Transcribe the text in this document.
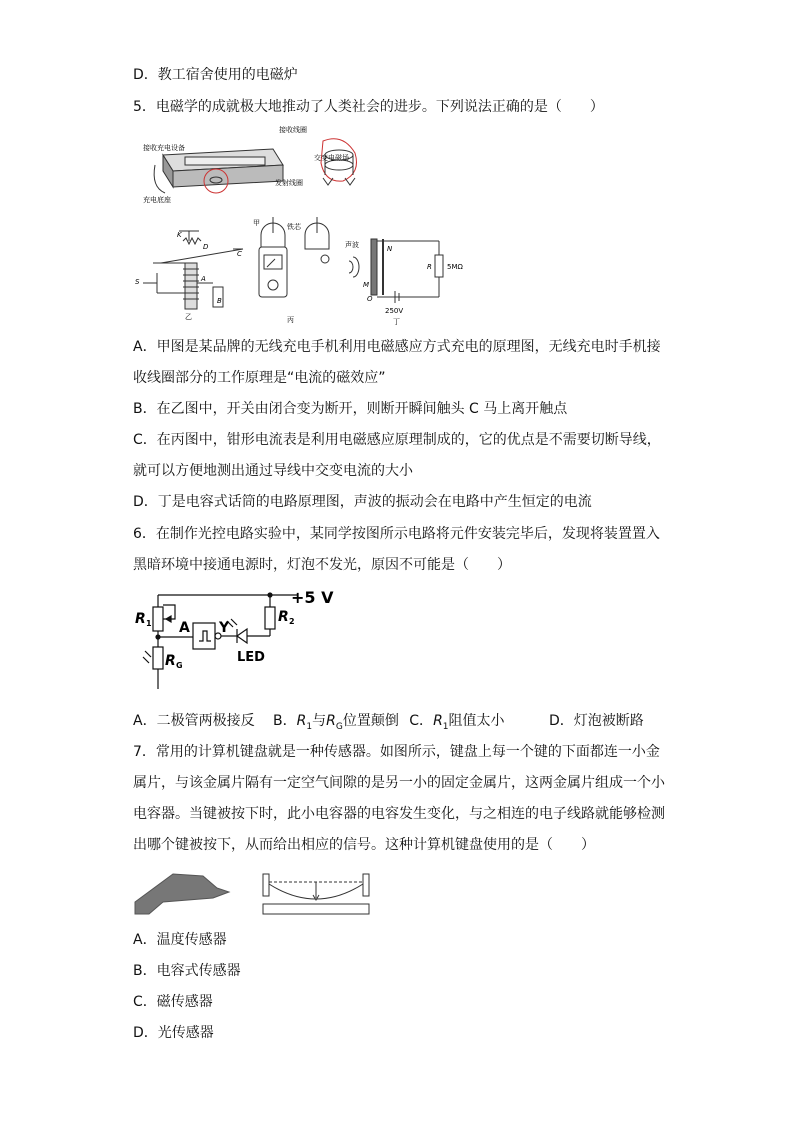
D．教工宿舍使用的电磁炉
5．电磁学的成就极大地推动了人类社会的进步。下列说法正确的是（　　）
接收充电设备
充电底座
接收线圈
交变电磁场
发射线圈
K
D
C
A
B
S
乙
甲	铁芯
丙
声波	N
M
R 5MΩ
O
250V
丁
A．甲图是某品牌的无线充电手机利用电磁感应方式充电的原理图，无线充电时手机接
收线圈部分的工作原理是“电流的磁效应”
B．在乙图中，开关由闭合变为断开，则断开瞬间触头 C 马上离开触点
C．在丙图中，钳形电流表是利用电磁感应原理制成的，它的优点是不需要切断导线，
就可以方便地测出通过导线中交变电流的大小
D．丁是电容式话筒的电路原理图，声波的振动会在电路中产生恒定的电流
6．在制作光控电路实验中，某同学按图所示电路将元件安装完毕后，发现将装置置入
黑暗环境中接通电源时，灯泡不发光，原因不可能是（　　）
+5 V
R 1	R 2
R G
A Y
LED
A．二极管两极接反 B．$R_1$与$R_G$位置颠倒 C．$R_1$阻值太小	D．灯泡被断路
7．常用的计算机键盘就是一种传感器。如图所示，键盘上每一个键的下面都连一小金
属片，与该金属片隔有一定空气间隙的是另一小的固定金属片，这两金属片组成一个小
电容器。当键被按下时，此小电容器的电容发生变化，与之相连的电子线路就能够检测
出哪个键被按下，从而给出相应的信号。这种计算机键盘使用的是（　　）
A．温度传感器
B．电容式传感器
C．磁传感器
D．光传感器
